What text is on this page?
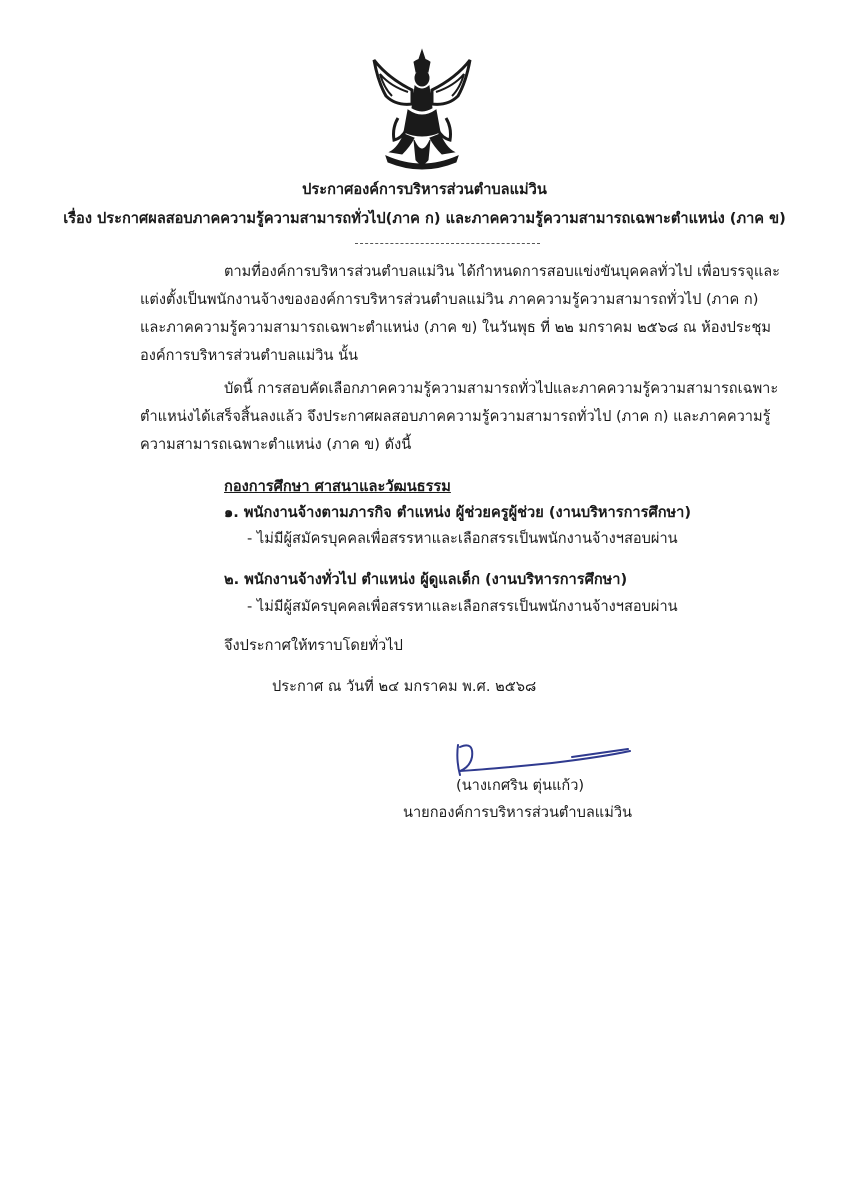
ประกาศองค์การบริหารส่วนตำบลแม่วิน
เรื่อง ประกาศผลสอบภาคความรู้ความสามารถทั่วไป(ภาค ก) และภาคความรู้ความสามารถเฉพาะตำแหน่ง (ภาค ข)
ตามที่องค์การบริหารส่วนตำบลแม่วิน ได้กำหนดการสอบแข่งขันบุคคลทั่วไป เพื่อบรรจุและ
แต่งตั้งเป็นพนักงานจ้างขององค์การบริหารส่วนตำบลแม่วิน ภาคความรู้ความสามารถทั่วไป (ภาค ก)
และภาคความรู้ความสามารถเฉพาะตำแหน่ง (ภาค ข) ในวันพุธ ที่ ๒๒ มกราคม ๒๕๖๘ ณ ห้องประชุม
องค์การบริหารส่วนตำบลแม่วิน นั้น
บัดนี้ การสอบคัดเลือกภาคความรู้ความสามารถทั่วไปและภาคความรู้ความสามารถเฉพาะ
ตำแหน่งได้เสร็จสิ้นลงแล้ว จึงประกาศผลสอบภาคความรู้ความสามารถทั่วไป (ภาค ก) และภาคความรู้
ความสามารถเฉพาะตำแหน่ง (ภาค ข) ดังนี้
กองการศึกษา ศาสนาและวัฒนธรรม
๑. พนักงานจ้างตามภารกิจ ตำแหน่ง ผู้ช่วยครูผู้ช่วย (งานบริหารการศึกษา)
- ไม่มีผู้สมัครบุคคลเพื่อสรรหาและเลือกสรรเป็นพนักงานจ้างฯสอบผ่าน
๒. พนักงานจ้างทั่วไป ตำแหน่ง ผู้ดูแลเด็ก (งานบริหารการศึกษา)
- ไม่มีผู้สมัครบุคคลเพื่อสรรหาและเลือกสรรเป็นพนักงานจ้างฯสอบผ่าน
จึงประกาศให้ทราบโดยทั่วไป
ประกาศ ณ วันที่ ๒๔ มกราคม พ.ศ. ๒๕๖๘
(นางเกศริน ตุ่นแก้ว)
นายกองค์การบริหารส่วนตำบลแม่วิน
